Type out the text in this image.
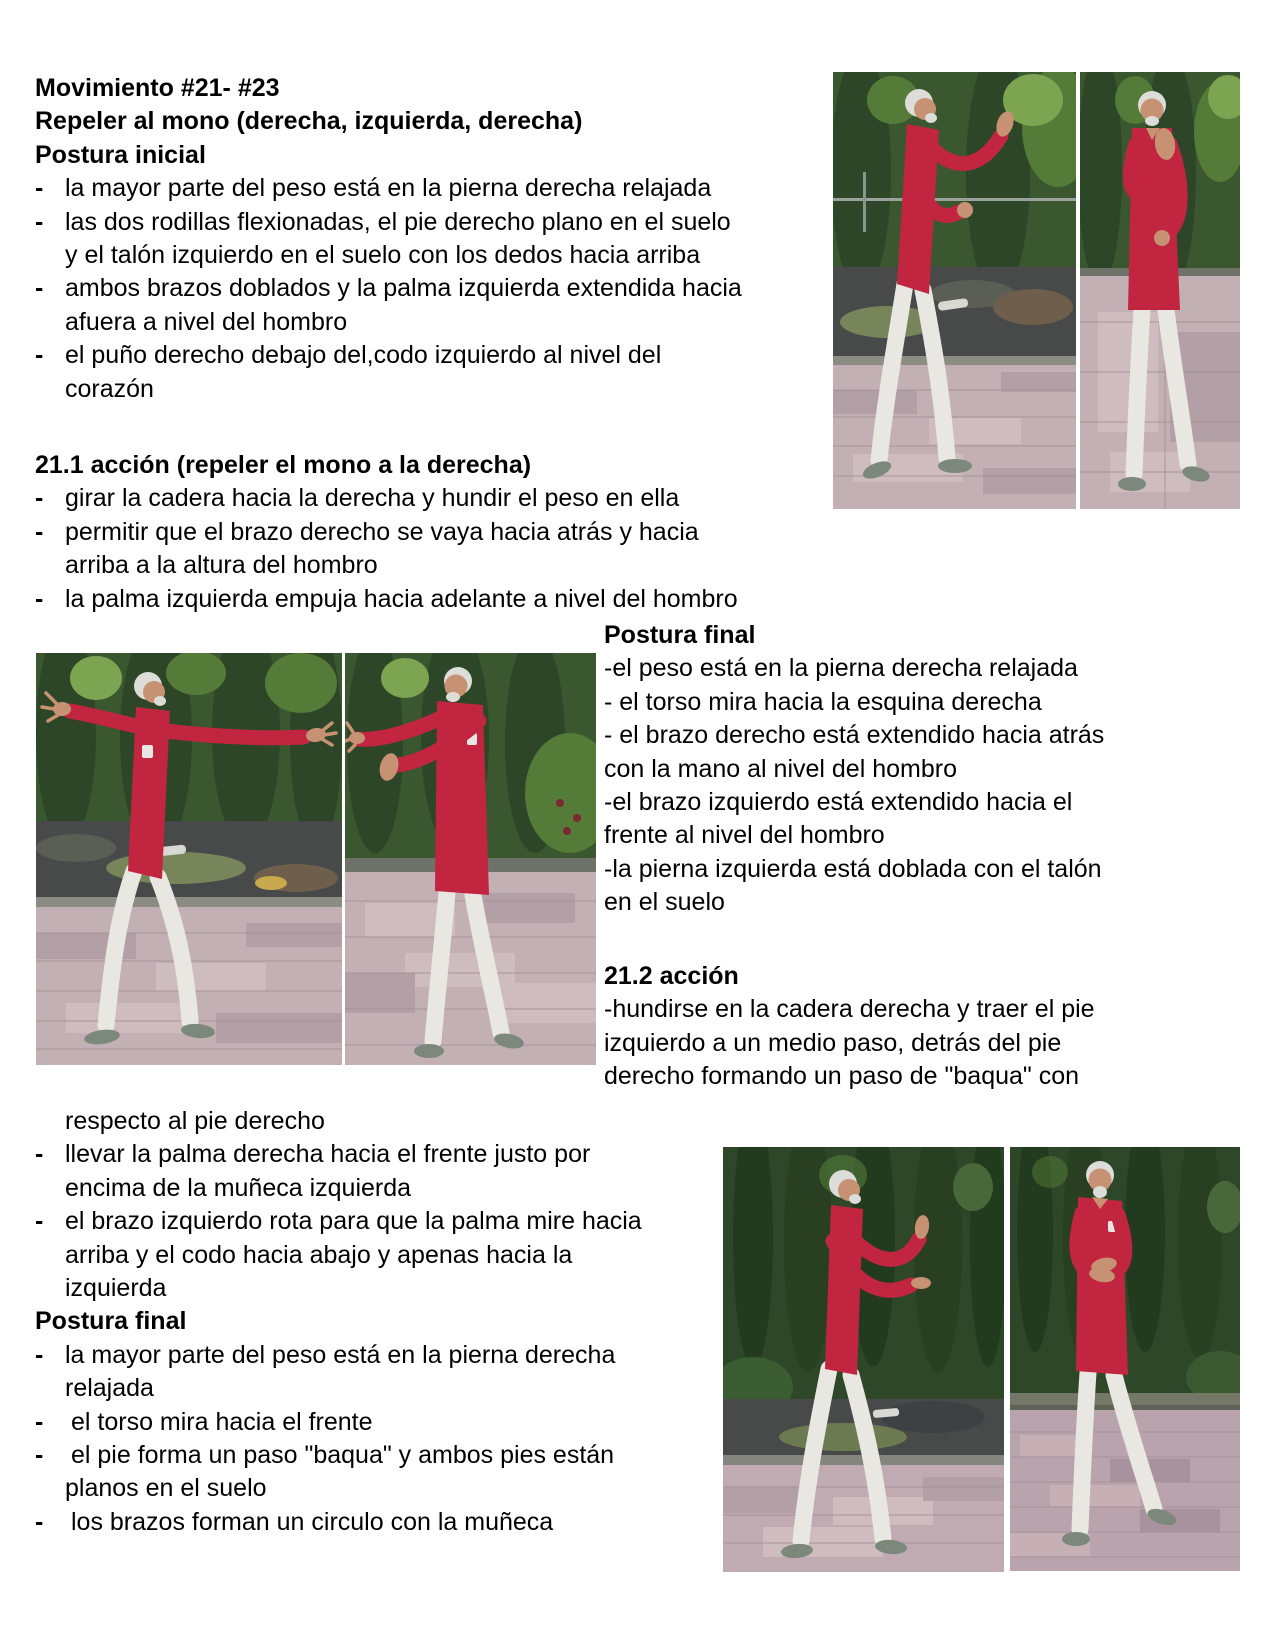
Movimiento #21- #23
Repeler al mono (derecha, izquierda, derecha)
Postura inicial
- la mayor parte del peso está en la pierna derecha relajada
- las dos rodillas flexionadas, el pie derecho plano en el suelo
y el talón izquierdo en el suelo con los dedos hacia arriba
- ambos brazos doblados y la palma izquierda extendida hacia
afuera a nivel del hombro
- el puño derecho debajo del,codo izquierdo al nivel del
corazón
21.1 acción (repeler el mono a la derecha)
- girar la cadera hacia la derecha y hundir el peso en ella
- permitir que el brazo derecho se vaya hacia atrás y hacia
arriba a la altura del hombro
- la palma izquierda empuja hacia adelante a nivel del hombro
Postura final
-el peso está en la pierna derecha relajada
- el torso mira hacia la esquina derecha
- el brazo derecho está extendido hacia atrás
con la mano al nivel del hombro
-el brazo izquierdo está extendido hacia el
frente al nivel del hombro
-la pierna izquierda está doblada con el talón
en el suelo
21.2 acción
-hundirse en la cadera derecha y traer el pie
izquierdo a un medio paso, detrás del pie
derecho formando un paso de "baqua" con
respecto al pie derecho
- llevar la palma derecha hacia el frente justo por
encima de la muñeca izquierda
- el brazo izquierdo rota para que la palma mire hacia
arriba y el codo hacia abajo y apenas hacia la
izquierda
Postura final
- la mayor parte del peso está en la pierna derecha
relajada
- el torso mira hacia el frente
- el pie forma un paso "baqua" y ambos pies están
planos en el suelo
- los brazos forman un circulo con la muñeca
